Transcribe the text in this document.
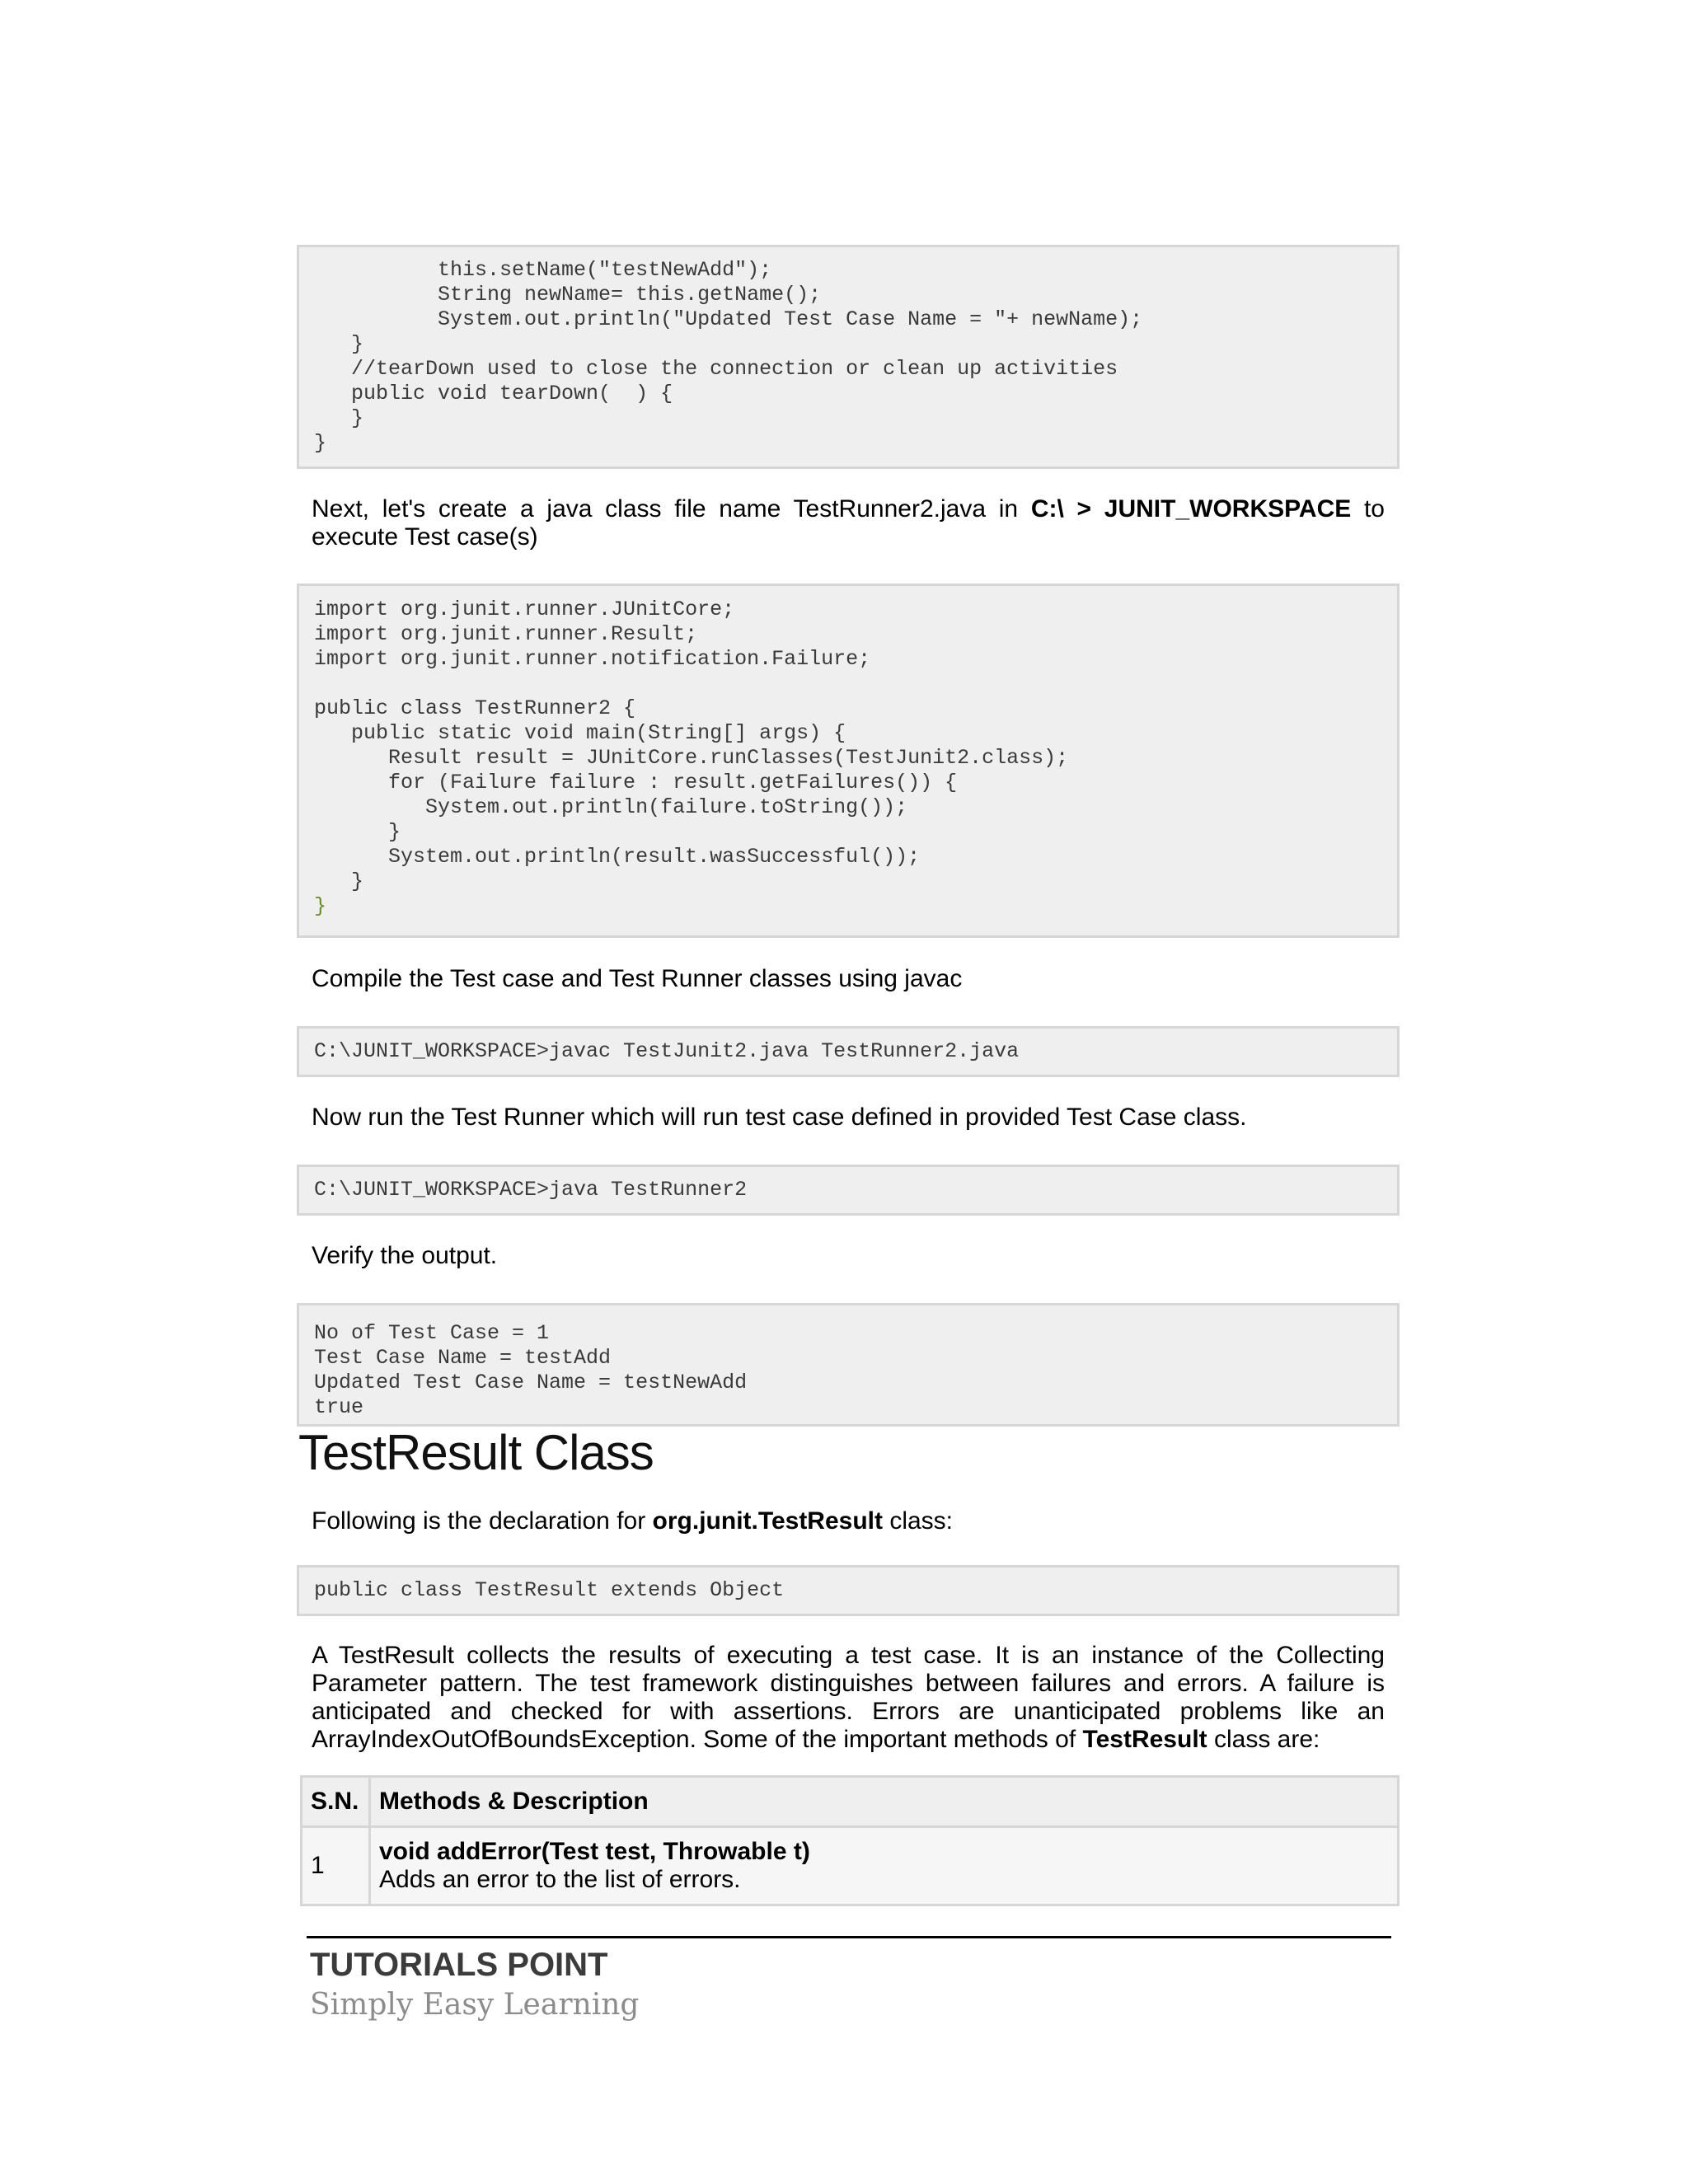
this.setName("testNewAdd");
String newName= this.getName();
System.out.println("Updated Test Case Name = "+ newName);
}
//tearDown used to close the connection or clean up activities
public void tearDown(  ) {
}
}

Next, let's create a java class file name TestRunner2.java in C:\ > JUNIT_WORKSPACE to execute Test case(s)

import org.junit.runner.JUnitCore;
import org.junit.runner.Result;
import org.junit.runner.notification.Failure;

public class TestRunner2 {
public static void main(String[] args) {
Result result = JUnitCore.runClasses(TestJunit2.class);
for (Failure failure : result.getFailures()) {
System.out.println(failure.toString());
}
System.out.println(result.wasSuccessful());
}
}

Compile the Test case and Test Runner classes using javac

C:\JUNIT_WORKSPACE>javac TestJunit2.java TestRunner2.java

Now run the Test Runner which will run test case defined in provided Test Case class.

C:\JUNIT_WORKSPACE>java TestRunner2

Verify the output.

No of Test Case = 1
Test Case Name = testAdd
Updated Test Case Name = testNewAdd
true
TestResult Class

Following is the declaration for org.junit.TestResult class:

public class TestResult extends Object

A TestResult collects the results of executing a test case. It is an instance of the Collecting Parameter pattern. The test framework distinguishes between failures and errors. A failure is anticipated and checked for with assertions. Errors are unanticipated problems like an ArrayIndexOutOfBoundsException. Some of the important methods of TestResult class are:

S.N.	Methods & Description
1	void addError(Test test, Throwable t)
Adds an error to the list of errors.

TUTORIALS POINT

Simply Easy Learning
